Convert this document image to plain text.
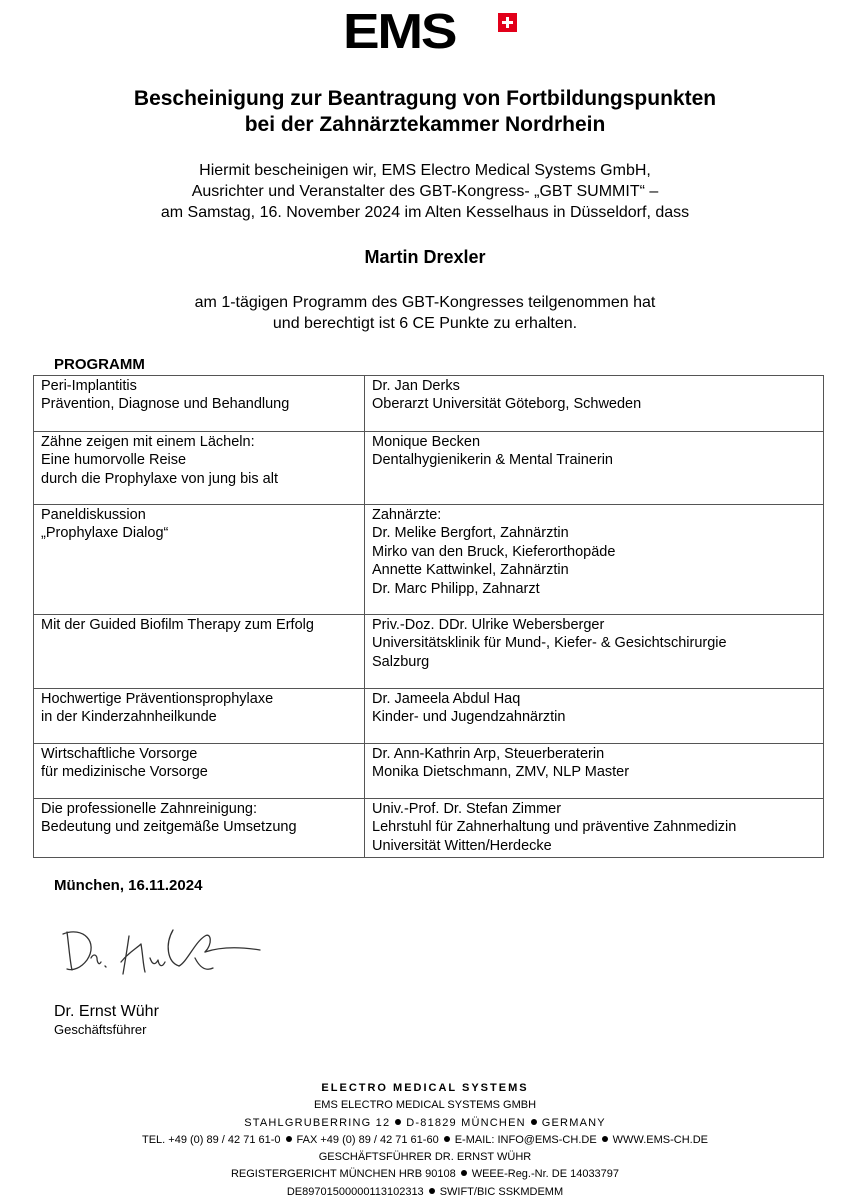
EMS
Bescheinigung zur Beantragung von Fortbildungspunkten
bei der Zahnärztekammer Nordrhein
Hiermit bescheinigen wir, EMS Electro Medical Systems GmbH,
Ausrichter und Veranstalter des GBT-Kongress- „GBT SUMMIT“ –
am Samstag, 16. November 2024 im Alten Kesselhaus in Düsseldorf, dass
Martin Drexler
am 1-tägigen Programm des GBT-Kongresses teilgenommen hat
und berechtigt ist 6 CE Punkte zu erhalten.
PROGRAMM
Peri-Implantitis
Prävention, Diagnose und Behandlung	Dr. Jan Derks
Oberarzt Universität Göteborg, Schweden

Zähne zeigen mit einem Lächeln:
Eine humorvolle Reise
durch die Prophylaxe von jung bis alt	Monique Becken
Dentalhygienikerin & Mental Trainerin

Paneldiskussion
„Prophylaxe Dialog“	Zahnärzte:
Dr. Melike Bergfort, Zahnärztin
Mirko van den Bruck, Kieferorthopäde
Annette Kattwinkel, Zahnärztin
Dr. Marc Philipp, Zahnarzt

Mit der Guided Biofilm Therapy zum Erfolg	Priv.-Doz. DDr. Ulrike Webersberger
Universitätsklinik für Mund-, Kiefer- & Gesichtschirurgie
Salzburg

Hochwertige Präventionsprophylaxe
in der Kinderzahnheilkunde	Dr. Jameela Abdul Haq
Kinder- und Jugendzahnärztin

Wirtschaftliche Vorsorge
für medizinische Vorsorge	Dr. Ann-Kathrin Arp, Steuerberaterin
Monika Dietschmann, ZMV, NLP Master

Die professionelle Zahnreinigung:
Bedeutung und zeitgemäße Umsetzung	Univ.-Prof. Dr. Stefan Zimmer
Lehrstuhl für Zahnerhaltung und präventive Zahnmedizin
Universität Witten/Herdecke
München, 16.11.2024
Dr. Ernst Wühr
Geschäftsführer
ELECTRO MEDICAL SYSTEMS
EMS ELECTRO MEDICAL SYSTEMS GMBH
STAHLGRUBERRING 12 D-81829 MÜNCHEN GERMANY
TEL. +49 (0) 89 / 42 71 61-0 FAX +49 (0) 89 / 42 71 61-60 E-MAIL: INFO@EMS-CH.DE WWW.EMS-CH.DE
GESCHÄFTSFÜHRER DR. ERNST WÜHR
REGISTERGERICHT MÜNCHEN HRB 90108 WEEE-Reg.-Nr. DE 14033797
DE89701500000113102313 SWIFT/BIC SSKMDEMM
